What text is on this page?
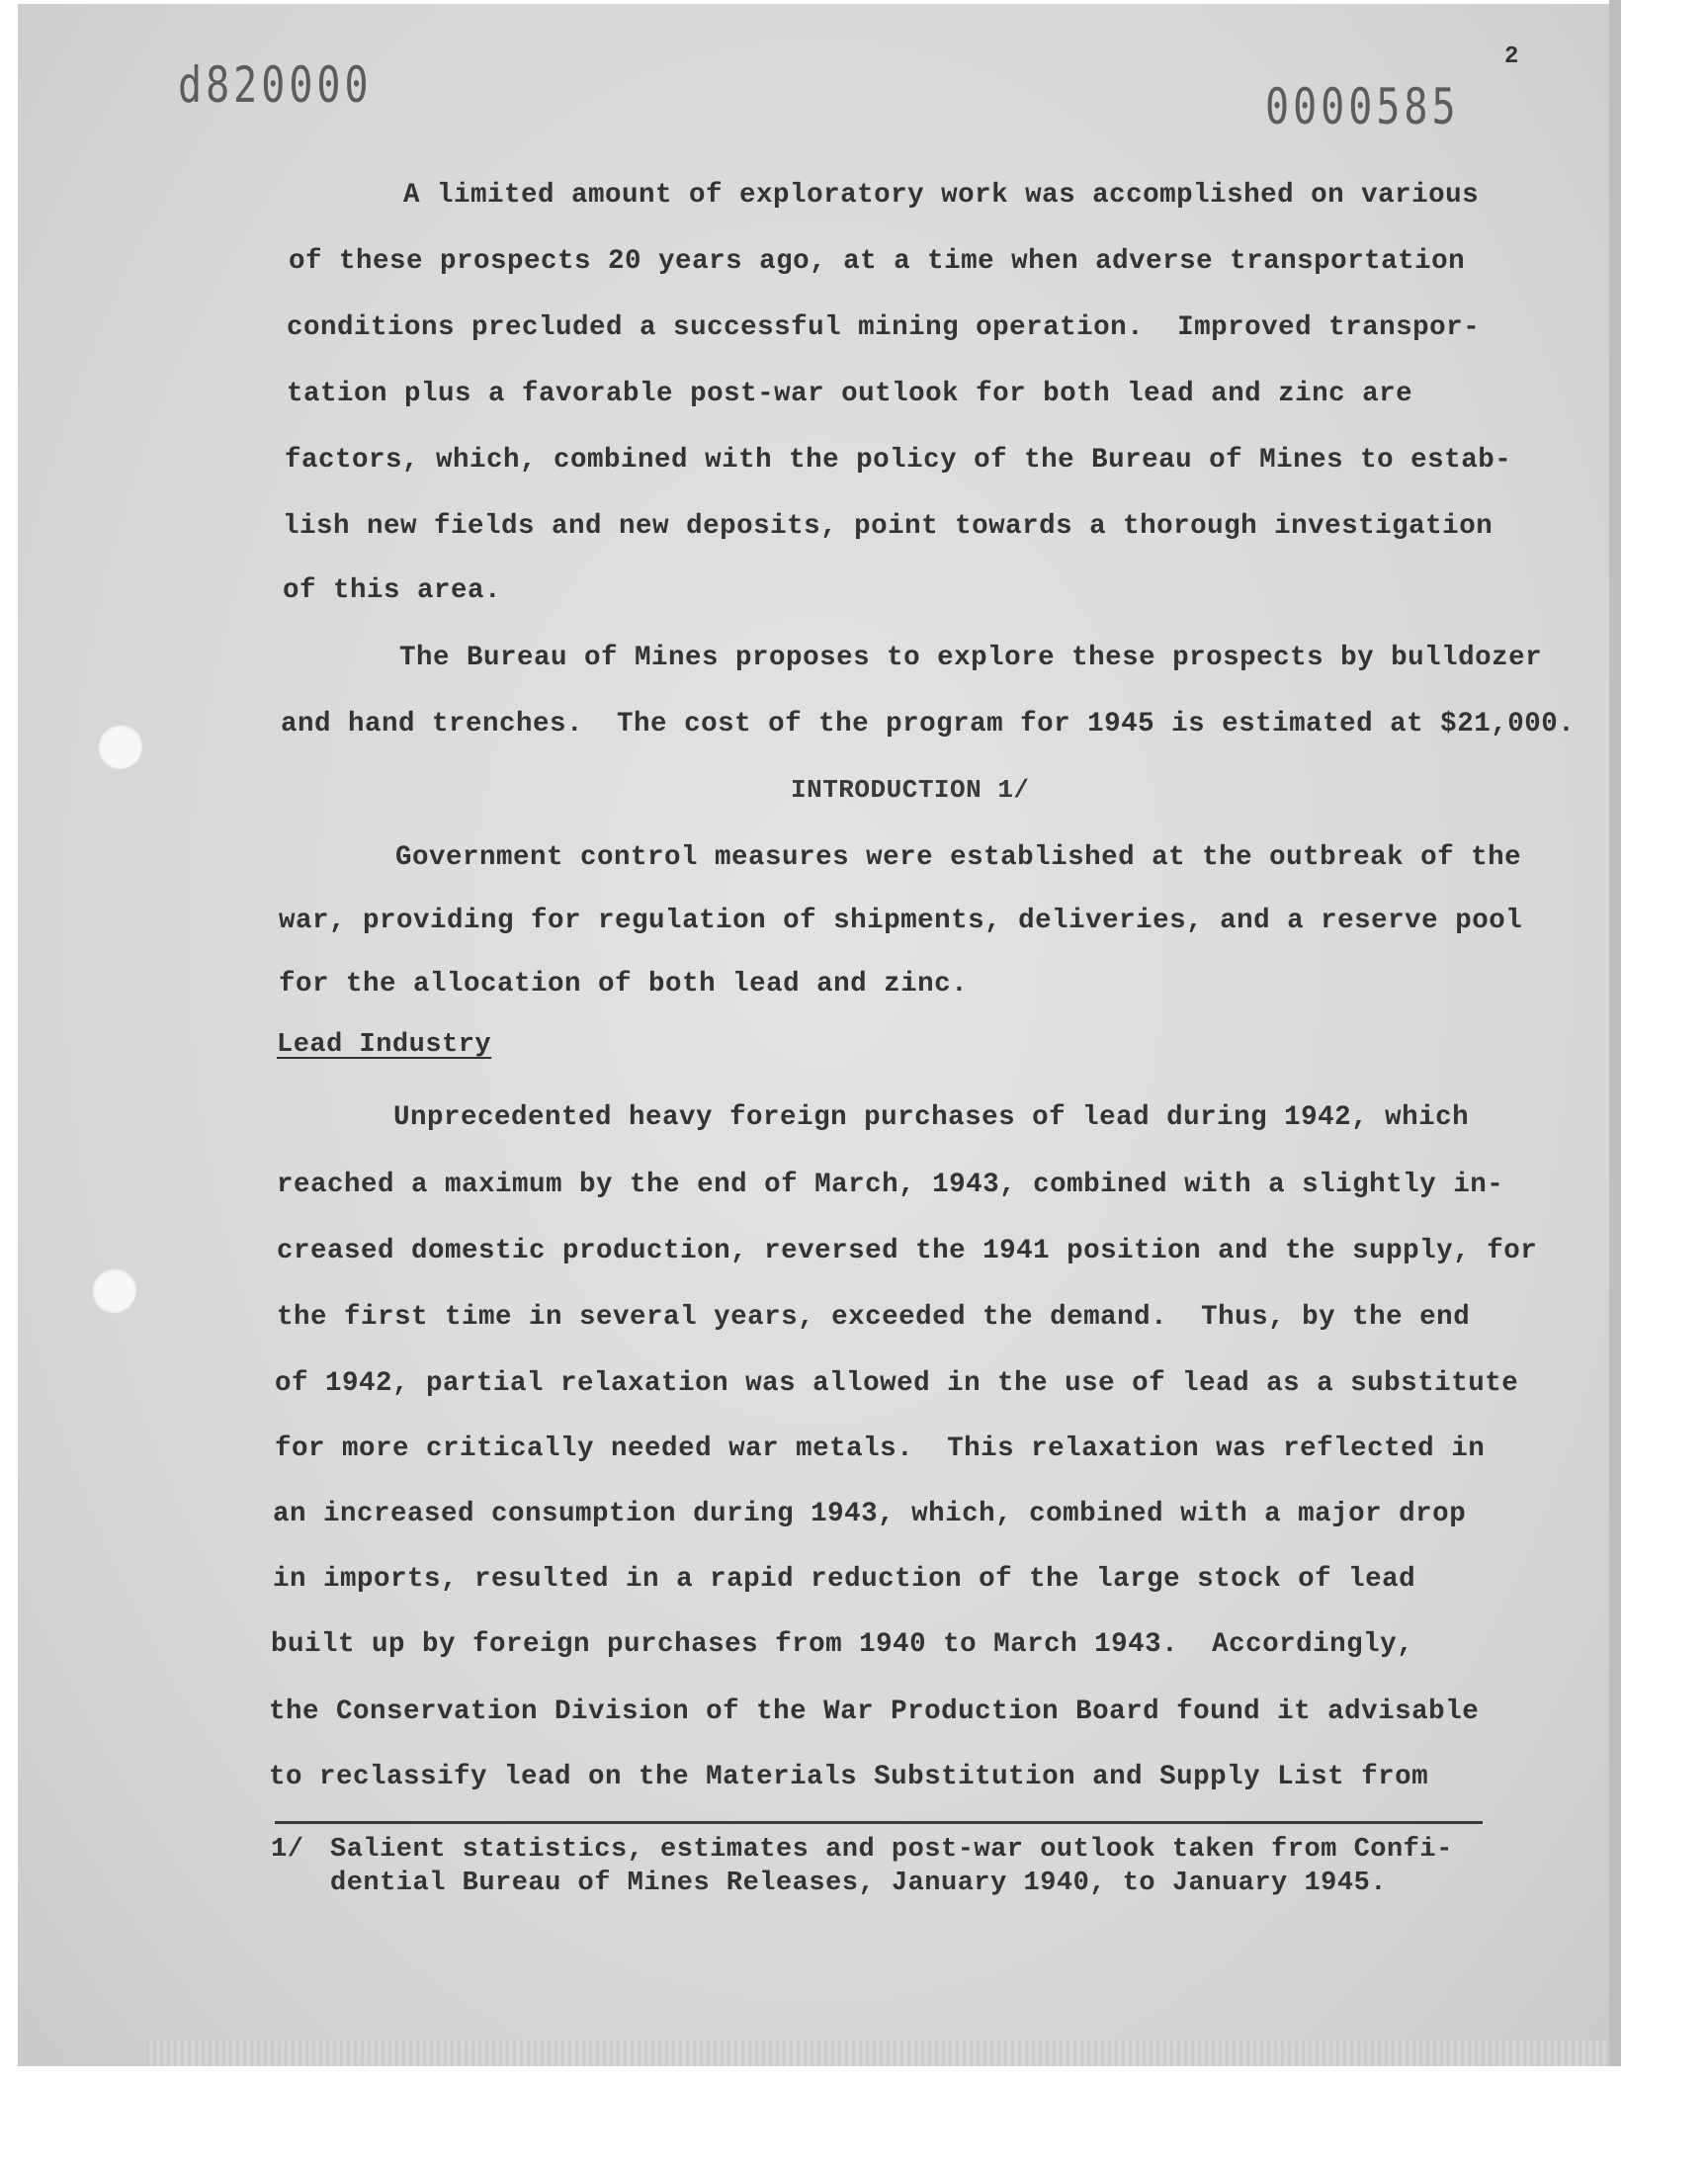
d820000	0000585
2
A limited amount of exploratory work was accomplished on various
of these prospects 20 years ago, at a time when adverse transportation
conditions precluded a successful mining operation.  Improved transpor-
tation plus a favorable post-war outlook for both lead and zinc are
factors, which, combined with the policy of the Bureau of Mines to estab-
lish new fields and new deposits, point towards a thorough investigation
of this area.
The Bureau of Mines proposes to explore these prospects by bulldozer
and hand trenches.  The cost of the program for 1945 is estimated at $21,000.
INTRODUCTION 1/
Government control measures were established at the outbreak of the
war, providing for regulation of shipments, deliveries, and a reserve pool
for the allocation of both lead and zinc.
Lead Industry
Unprecedented heavy foreign purchases of lead during 1942, which
reached a maximum by the end of March, 1943, combined with a slightly in-
creased domestic production, reversed the 1941 position and the supply, for
the first time in several years, exceeded the demand.  Thus, by the end
of 1942, partial relaxation was allowed in the use of lead as a substitute
for more critically needed war metals.  This relaxation was reflected in
an increased consumption during 1943, which, combined with a major drop
in imports, resulted in a rapid reduction of the large stock of lead
built up by foreign purchases from 1940 to March 1943.  Accordingly,
the Conservation Division of the War Production Board found it advisable
to reclassify lead on the Materials Substitution and Supply List from
1/ Salient statistics, estimates and post-war outlook taken from Confi-
dential Bureau of Mines Releases, January 1940, to January 1945.
